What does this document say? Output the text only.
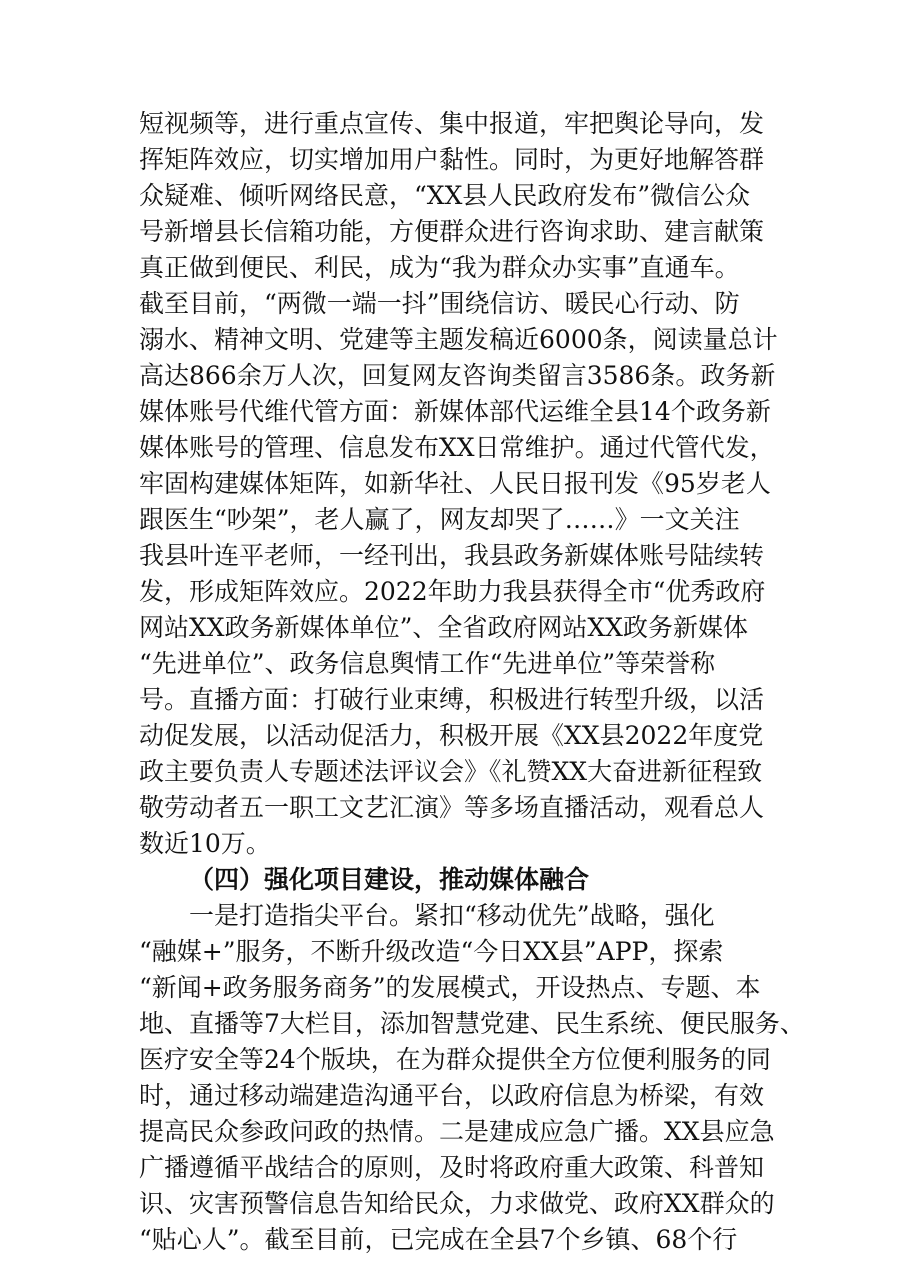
短视频等，进行重点宣传、集中报道，牢把舆论导向，发
挥矩阵效应，切实增加用户黏性。同时，为更好地解答群
众疑难、倾听网络民意，“XX县人民政府发布”微信公众
号新增县长信箱功能，方便群众进行咨询求助、建言献策
真正做到便民、利民，成为“我为群众办实事”直通车。
截至目前，“两微一端一抖”围绕信访、暖民心行动、防
溺水、精神文明、党建等主题发稿近6000条，阅读量总计
高达866余万人次，回复网友咨询类留言3586条。政务新
媒体账号代维代管方面：新媒体部代运维全县14个政务新
媒体账号的管理、信息发布XX日常维护。通过代管代发，
牢固构建媒体矩阵，如新华社、人民日报刊发《95岁老人
跟医生“吵架”，老人赢了，网友却哭了……》一文关注
我县叶连平老师，一经刊出，我县政务新媒体账号陆续转
发，形成矩阵效应。2022年助力我县获得全市“优秀政府
网站XX政务新媒体单位”、全省政府网站XX政务新媒体
“先进单位”、政务信息舆情工作“先进单位”等荣誉称
号。直播方面：打破行业束缚，积极进行转型升级，以活
动促发展，以活动促活力，积极开展《XX县2022年度党
政主要负责人专题述法评议会》《礼赞XX大奋进新征程致
敬劳动者五一职工文艺汇演》等多场直播活动，观看总人
数近10万。
（四）强化项目建设，推动媒体融合
一是打造指尖平台。紧扣“移动优先”战略，强化
“融媒+”服务，不断升级改造“今日XX县”APP，探索
“新闻+政务服务商务”的发展模式，开设热点、专题、本
地、直播等7大栏目，添加智慧党建、民生系统、便民服务、
医疗安全等24个版块，在为群众提供全方位便利服务的同
时，通过移动端建造沟通平台，以政府信息为桥梁，有效
提高民众参政问政的热情。二是建成应急广播。XX县应急
广播遵循平战结合的原则，及时将政府重大政策、科普知
识、灾害预警信息告知给民众，力求做党、政府XX群众的
“贴心人”。截至目前，已完成在全县7个乡镇、68个行
